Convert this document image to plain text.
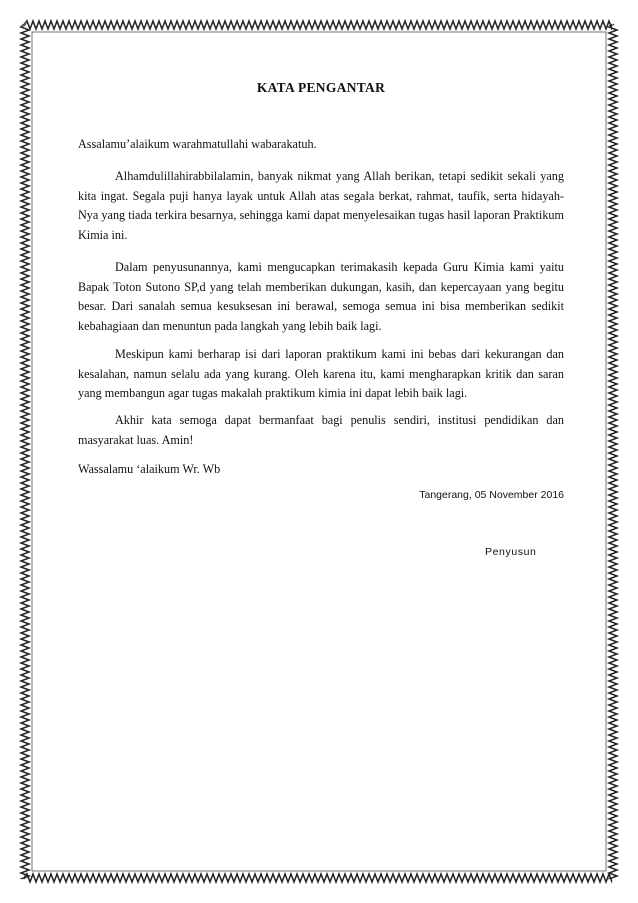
KATA PENGANTAR
Assalamu’alaikum warahmatullahi wabarakatuh.
Alhamdulillahirabbilalamin, banyak nikmat yang Allah berikan, tetapi sedikit sekali yang kita ingat. Segala puji hanya layak untuk Allah atas segala berkat, rahmat, taufik, serta hidayah-Nya yang tiada terkira besarnya, sehingga kami dapat menyelesaikan tugas hasil laporan Praktikum Kimia ini.
Dalam penyusunannya, kami mengucapkan terimakasih kepada Guru Kimia kami yaitu Bapak Toton Sutono SP,d yang telah memberikan dukungan, kasih, dan kepercayaan yang begitu besar. Dari sanalah semua kesuksesan ini berawal, semoga semua ini bisa memberikan sedikit kebahagiaan dan menuntun pada langkah yang lebih baik lagi.
Meskipun kami berharap isi dari laporan praktikum kami ini bebas dari kekurangan dan kesalahan, namun selalu ada yang kurang. Oleh karena itu, kami mengharapkan kritik dan saran yang membangun agar tugas makalah praktikum kimia ini dapat lebih baik lagi.
Akhir kata semoga dapat bermanfaat bagi penulis sendiri, institusi pendidikan dan masyarakat luas. Amin!
Wassalamu ‘alaikum Wr. Wb
Tangerang, 05 November 2016
Penyusun
